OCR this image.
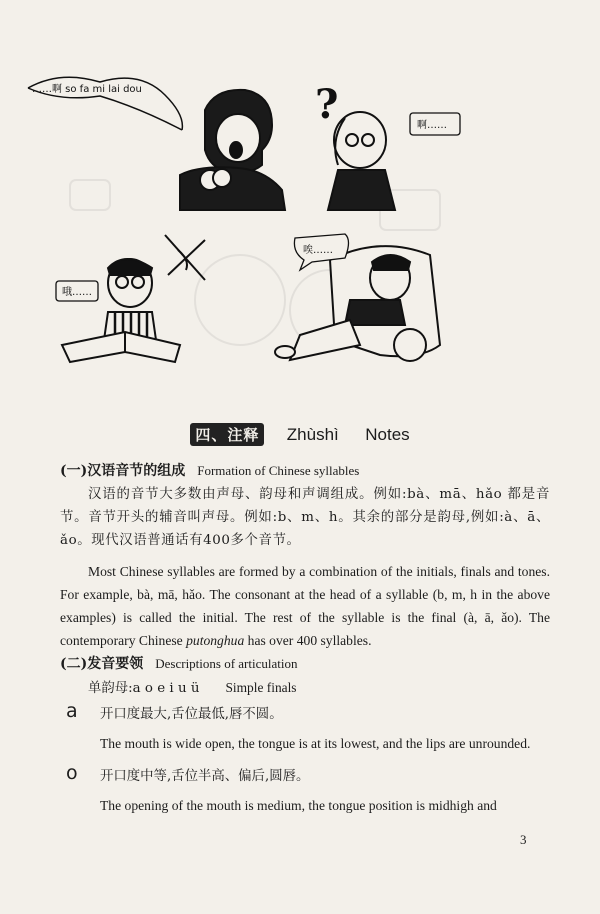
……啊 so fa mi lai dou	?	啊……
哦……
唉……
四、注释 Zhùshì Notes
(一)汉语音节的组成 Formation of Chinese syllables
汉语的音节大多数由声母、韵母和声调组成。例如:bà、mā、hǎo 都是音节。音节开头的辅音叫声母。例如:b、m、h。其余的部分是韵母,例如:à、ā、ǎo。现代汉语普通话有400多个音节。
Most Chinese syllables are formed by a combination of the initials, finals and tones. For example, bà, mā, hǎo. The consonant at the head of a syllable (b, m, h in the above examples) is called the initial. The rest of the syllable is the final (à, ā, ǎo). The contemporary Chinese putonghua has over 400 syllables.
(二)发音要领 Descriptions of articulation
单韵母:a o e i u ü Simple finals
a 开口度最大,舌位最低,唇不圆。
The mouth is wide open, the tongue is at its lowest, and the lips are unrounded.
o 开口度中等,舌位半高、偏后,圆唇。
The opening of the mouth is medium, the tongue position is midhigh and
3
